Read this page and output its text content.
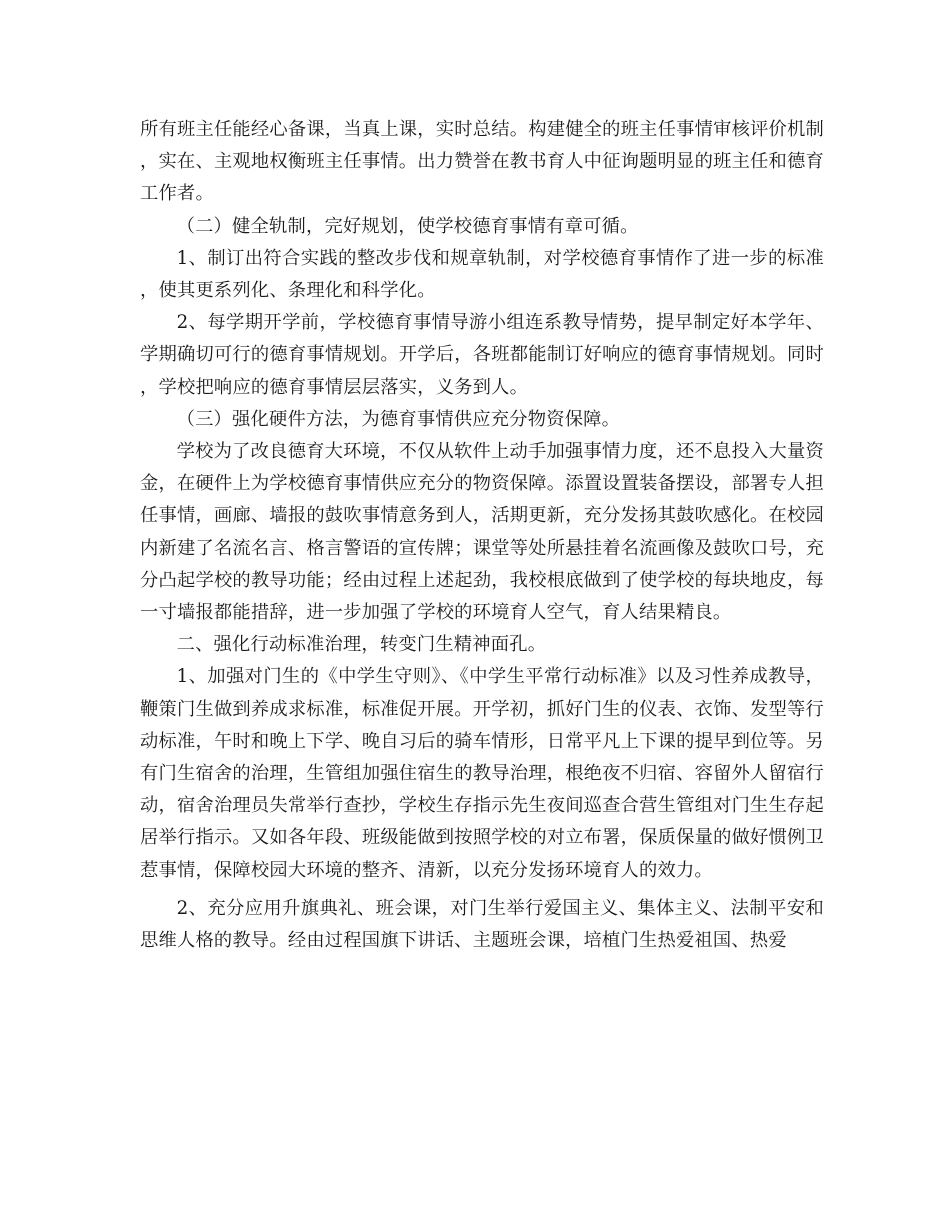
所有班主任能经心备课，当真上课，实时总结。构建健全的班主任事情审核评价机制，实在、主观地权衡班主任事情。出力赞誉在教书育人中征询题明显的班主任和德育工作者。

（二）健全轨制，完好规划，使学校德育事情有章可循。

1、制订出符合实践的整改步伐和规章轨制，对学校德育事情作了进一步的标准，使其更系列化、条理化和科学化。

2、每学期开学前，学校德育事情导游小组连系教导情势，提早制定好本学年、学期确切可行的德育事情规划。开学后，各班都能制订好响应的德育事情规划。同时，学校把响应的德育事情层层落实，义务到人。

（三）强化硬件方法，为德育事情供应充分物资保障。

学校为了改良德育大环境，不仅从软件上动手加强事情力度，还不息投入大量资金，在硬件上为学校德育事情供应充分的物资保障。添置设置装备摆设，部署专人担任事情，画廊、墙报的鼓吹事情意务到人，活期更新，充分发扬其鼓吹感化。在校园内新建了名流名言、格言警语的宣传牌；课堂等处所悬挂着名流画像及鼓吹口号，充分凸起学校的教导功能；经由过程上述起劲，我校根底做到了使学校的每块地皮，每一寸墙报都能措辞，进一步加强了学校的环境育人空气，育人结果精良。

二、强化行动标准治理，转变门生精神面孔。

1、加强对门生的《中学生守则》、《中学生平常行动标准》以及习性养成教导，鞭策门生做到养成求标准，标准促开展。开学初，抓好门生的仪表、衣饰、发型等行动标准，午时和晚上下学、晚自习后的骑车情形，日常平凡上下课的提早到位等。另有门生宿舍的治理，生管组加强住宿生的教导治理，根绝夜不归宿、容留外人留宿行动，宿舍治理员失常举行查抄，学校生存指示先生夜间巡查合营生管组对门生生存起居举行指示。又如各年段、班级能做到按照学校的对立布署，保质保量的做好惯例卫惹事情，保障校园大环境的整齐、清新，以充分发扬环境育人的效力。

2、充分应用升旗典礼、班会课，对门生举行爱国主义、集体主义、法制平安和思维人格的教导。经由过程国旗下讲话、主题班会课，培植门生热爱祖国、热爱
